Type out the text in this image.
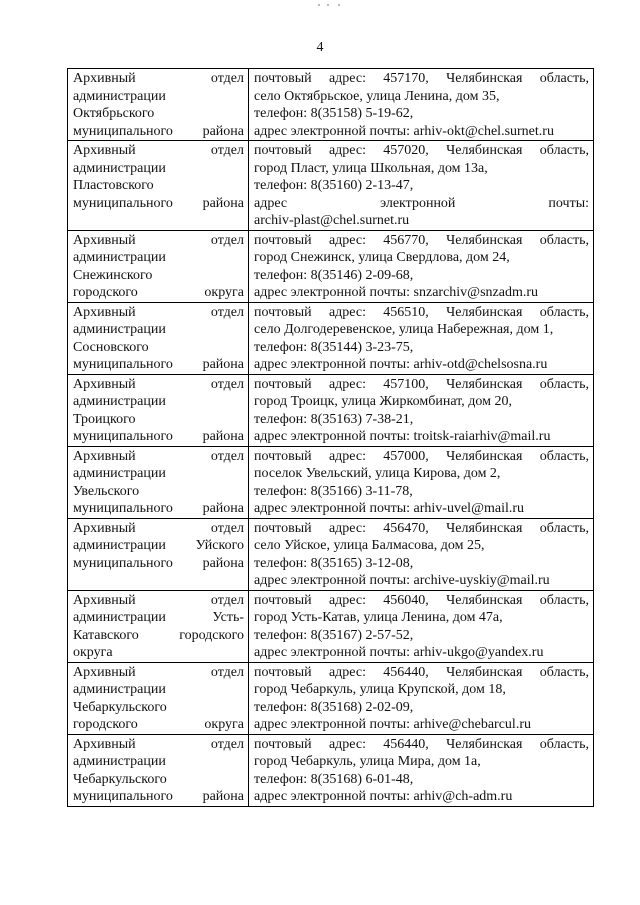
4
Архивный отдел
администрации
Октябрьского
муниципального района	почтовый адрес: 457170, Челябинская область,
село Октябрьское, улица Ленина, дом 35,
телефон: 8(35158) 5-19-62,
адрес электронной почты: arhiv-okt@chel.surnet.ru

Архивный отдел
администрации
Пластовского
муниципального района	почтовый адрес: 457020, Челябинская область,
город Пласт, улица Школьная, дом 13а,
телефон: 8(35160) 2-13-47,
адрес электронной почты:
archiv-plast@chel.surnet.ru

Архивный отдел
администрации
Снежинского
городского округа	почтовый адрес: 456770, Челябинская область,
город Снежинск, улица Свердлова, дом 24,
телефон: 8(35146) 2-09-68,
адрес электронной почты: snzarchiv@snzadm.ru

Архивный отдел
администрации
Сосновского
муниципального района	почтовый адрес: 456510, Челябинская область,
село Долгодеревенское, улица Набережная, дом 1,
телефон: 8(35144) 3-23-75,
адрес электронной почты: arhiv-otd@chelsosna.ru

Архивный отдел
администрации
Троицкого
муниципального района	почтовый адрес: 457100, Челябинская область,
город Троицк, улица Жиркомбинат, дом 20,
телефон: 8(35163) 7-38-21,
адрес электронной почты: troitsk-raiarhiv@mail.ru

Архивный отдел
администрации
Увельского
муниципального района	почтовый адрес: 457000, Челябинская область,
поселок Увельский, улица Кирова, дом 2,
телефон: 8(35166) 3-11-78,
адрес электронной почты: arhiv-uvel@mail.ru

Архивный отдел
администрации Уйского
муниципального района	почтовый адрес: 456470, Челябинская область,
село Уйское, улица Балмасова, дом 25,
телефон: 8(35165) 3-12-08,
адрес электронной почты: archive-uyskiy@mail.ru

Архивный отдел
администрации Усть-
Катавского городского
округа	почтовый адрес: 456040, Челябинская область,
город Усть-Катав, улица Ленина, дом 47а,
телефон: 8(35167) 2-57-52,
адрес электронной почты: arhiv-ukgo@yandex.ru

Архивный отдел
администрации
Чебаркульского
городского округа	почтовый адрес: 456440, Челябинская область,
город Чебаркуль, улица Крупской, дом 18,
телефон: 8(35168) 2-02-09,
адрес электронной почты: arhive@chebarcul.ru

Архивный отдел
администрации
Чебаркульского
муниципального района	почтовый адрес: 456440, Челябинская область,
город Чебаркуль, улица Мира, дом 1а,
телефон: 8(35168) 6-01-48,
адрес электронной почты: arhiv@ch-adm.ru
